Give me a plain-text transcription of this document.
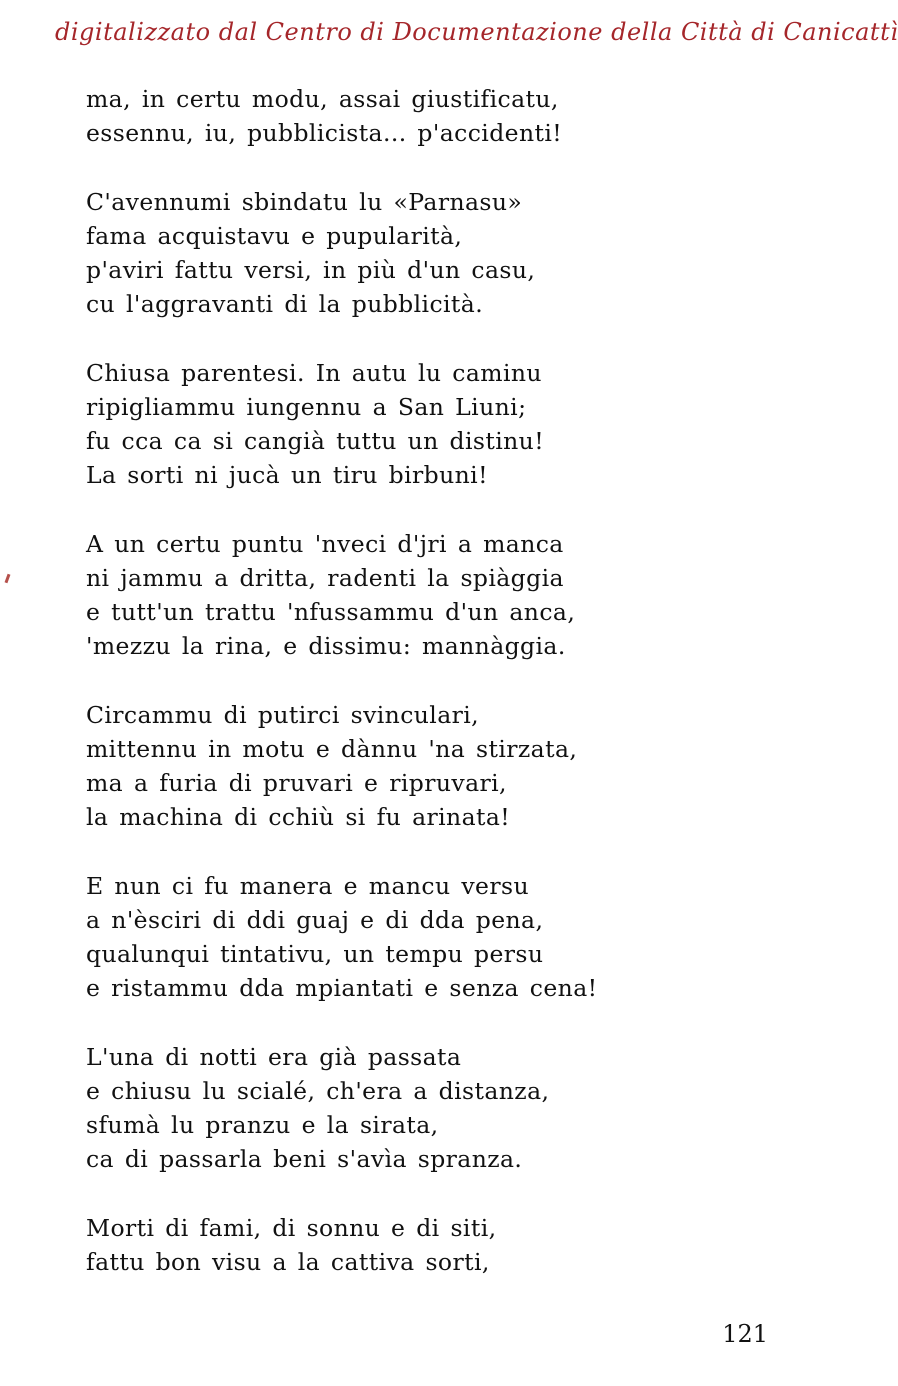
digitalizzato dal Centro di Documentazione della Città di Canicattì
ma, in certu modu, assai giustificatu,
essennu, iu, pubblicista... p'accidenti!
C'avennumi sbindatu lu «Parnasu»
fama acquistavu e pupularità,
p'aviri fattu versi, in più d'un casu,
cu l'aggravanti di la pubblicità.
Chiusa parentesi. In autu lu caminu
ripigliammu iungennu a San Liuni;
fu cca ca si cangià tuttu un distinu!
La sorti ni jucà un tiru birbuni!
A un certu puntu 'nveci d'jri a manca
ni jammu a dritta, radenti la spiàggia
e tutt'un trattu 'nfussammu d'un anca,
'mezzu la rina, e dissimu: mannàggia.
Circammu di putirci svinculari,
mittennu in motu e dànnu 'na stirzata,
ma a furia di pruvari e ripruvari,
la machina di cchiù si fu arinata!
E nun ci fu manera e mancu versu
a n'èsciri di ddi guaj e di dda pena,
qualunqui tintativu, un tempu persu
e ristammu dda mpiantati e senza cena!
L'una di notti era già passata
e chiusu lu scialé, ch'era a distanza,
sfumà lu pranzu e la sirata,
ca di passarla beni s'avìa spranza.
Morti di fami, di sonnu e di siti,
fattu bon visu a la cattiva sorti,
121
